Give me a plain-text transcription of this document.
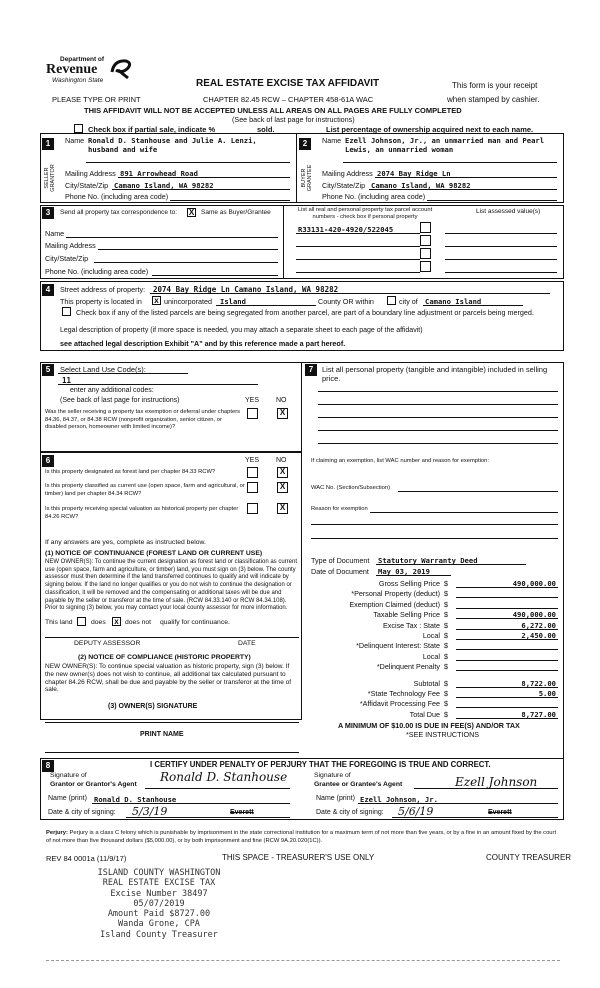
Department of
Revenue
Washington State	REAL ESTATE EXCISE TAX AFFIDAVIT	This form is your receipt
PLEASE TYPE OR PRINT	CHAPTER 82.45 RCW – CHAPTER 458-61A WAC	when stamped by cashier.
THIS AFFIDAVIT WILL NOT BE ACCEPTED UNLESS ALL AREAS ON ALL PAGES ARE FULLY COMPLETED
(See back of last page for instructions)
Check box if partial sale, indicate %	sold.	List percentage of ownership acquired next to each name.
1
SELLER GRANTOR
Name Ronald D. Stanhouse and Julie A. Lenzi, husband and wife
Mailing Address 891 Arrowhead Road
City/State/Zip Camano Island, WA 98282
Phone No. (including area code)
2
BUYER GRANTEE
Name Ezell Johnson, Jr., an unmarried man and Pearl Lewis, an unmarried woman
Mailing Address 2074 Bay Ridge Ln
City/State/Zip Camano Island, WA 98282
Phone No. (including area code)
3	Send all property tax correspondence to: X Same as Buyer/Grantee	List all real and personal property tax parcel account numbers - check box if personal property
List assessed value(s)
R33131-420-4920/522045
Name
Mailing Address
City/State/Zip
Phone No. (including area code)
4	Street address of property: 2074 Bay Ridge Ln Camano Island, WA 98282
This property is located in x unincorporated Island	County OR within	city of Camano Island
Check box if any of the listed parcels are being segregated from another parcel, are part of a boundary line adjustment or parcels being merged.
Legal description of property (if more space is needed, you may attach a separate sheet to each page of the affidavit)
see attached legal description Exhibit "A" and by this reference made a part hereof.
5	Select Land Use Code(s):
11
enter any additional codes:
(See back of last page for instructions)	YES NO
Was the seller receiving a property tax exemption or deferral under chapters 84.36, 84.37, or 84.38 RCW (nonprofit organization, senior citizen, or disabled person, homeowner with limited income)?
X
6	YES NO
Is this property designated as forest land per chapter 84.33 RCW?	X
Is this property classified as current use (open space, farm and agricultural, or timber) land per chapter 84.34 RCW?
X
Is this property receiving special valuation as historical property per chapter 84.26 RCW?
X
If any answers are yes, complete as instructed below.
(1) NOTICE OF CONTINUANCE (FOREST LAND OR CURRENT USE)
NEW OWNER(S): To continue the current designation as forest land or classification as current use (open space, farm and agriculture, or timber) land, you must sign on (3) below. The county assessor must then determine if the land transferred continues to qualify and will indicate by signing below. If the land no longer qualifies or you do not wish to continue the designation or classification, it will be removed and the compensating or additional taxes will be due and payable by the seller or transferor at the time of sale. (RCW 84.33.140 or RCW 84.34.108). Prior to signing (3) below, you may contact your local county assessor for more information.
This land	does x does not qualify for continuance.
DEPUTY ASSESSOR	DATE
(2) NOTICE OF COMPLIANCE (HISTORIC PROPERTY)
NEW OWNER(S): To continue special valuation as historic property, sign (3) below. If the new owner(s) does not wish to continue, all additional tax calculated pursuant to chapter 84.26 RCW, shall be due and payable by the seller or transferor at the time of sale.
(3) OWNER(S) SIGNATURE
PRINT NAME
7	List all personal property (tangible and intangible) included in selling price.
If claiming an exemption, list WAC number and reason for exemption:
WAC No. (Section/Subsection)
Reason for exemption
Type of Document Statutory Warranty Deed
Date of Document May 03, 2019
Gross Selling Price $	490,000.00
*Personal Property (deduct) $
Exemption Claimed (deduct) $
Taxable Selling Price $	490,000.00
Excise Tax : State $	6,272.00
Local $	2,450.00
*Delinquent Interest: State $
Local $
*Delinquent Penalty $
Subtotal $	8,722.00
*State Technology Fee $	5.00
*Affidavit Processing Fee $
Total Due $	8,727.00
A MINIMUM OF $10.00 IS DUE IN FEE(S) AND/OR TAX
*SEE INSTRUCTIONS
8	I CERTIFY UNDER PENALTY OF PERJURY THAT THE FOREGOING IS TRUE AND CORRECT.
Signature of
Grantor or Grantor's Agent
Ronald D. Stanhouse	Signature of
Grantee or Grantee's Agent	Ezell Johnson
Name (print) Ronald D. Stanhouse	Name (print) Ezell Johnson, Jr.
Date & city of signing: 5/3/19	Everett	Date & city of signing: 5/6/19	Everett
Perjury: Perjury is a class C felony which is punishable by imprisonment in the state correctional institution for a maximum term of not more than five years, or by a fine in an amount fixed by the court of not more than five thousand dollars ($5,000.00), or by both imprisonment and fine (RCW 9A.20.020(1C)).
REV 84 0001a (11/9/17)	THIS SPACE - TREASURER'S USE ONLY	COUNTY TREASURER
ISLAND COUNTY WASHINGTON
REAL ESTATE EXCISE TAX
Excise Number 38497
05/07/2019
Amount Paid $8727.00
Wanda Grone, CPA
Island County Treasurer
